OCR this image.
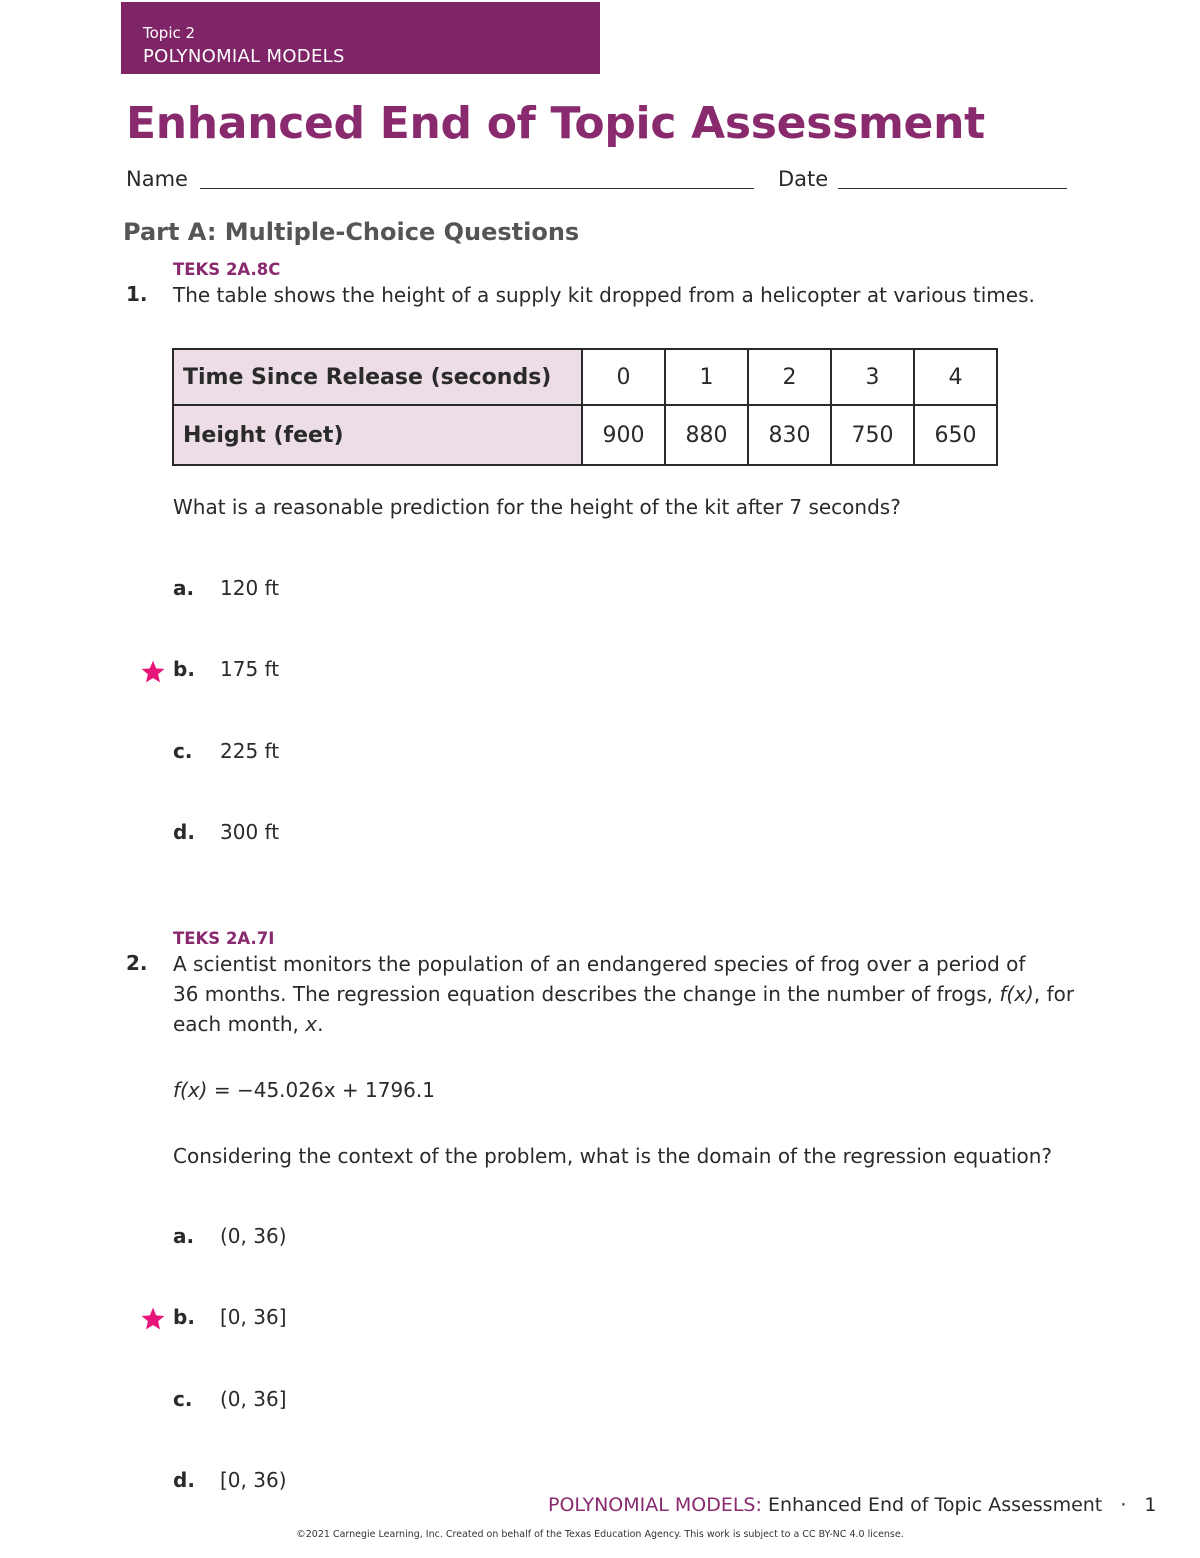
Topic 2
POLYNOMIAL MODELS
Enhanced End of Topic Assessment
Name	Date
Part A: Multiple-Choice Questions
TEKS 2A.8C
1. The table shows the height of a supply kit dropped from a helicopter at various times.
Time Since Release (seconds)	0	1	2	3	4
Height (feet)	900	880	830	750	650
What is a reasonable prediction for the height of the kit after 7 seconds?
a. 120 ft
b. 175 ft
c. 225 ft
d. 300 ft
TEKS 2A.7I
2. A scientist monitors the population of an endangered species of frog over a period of
36 months. The regression equation describes the change in the number of frogs, f(x), for
each month, x.
f(x) = −45.026x + 1796.1
Considering the context of the problem, what is the domain of the regression equation?
a. (0, 36)
b. [0, 36]
c. (0, 36]
d. [0, 36)
POLYNOMIAL MODELS: Enhanced End of Topic Assessment · 1
©2021 Carnegie Learning, Inc. Created on behalf of the Texas Education Agency. This work is subject to a CC BY-NC 4.0 license.
